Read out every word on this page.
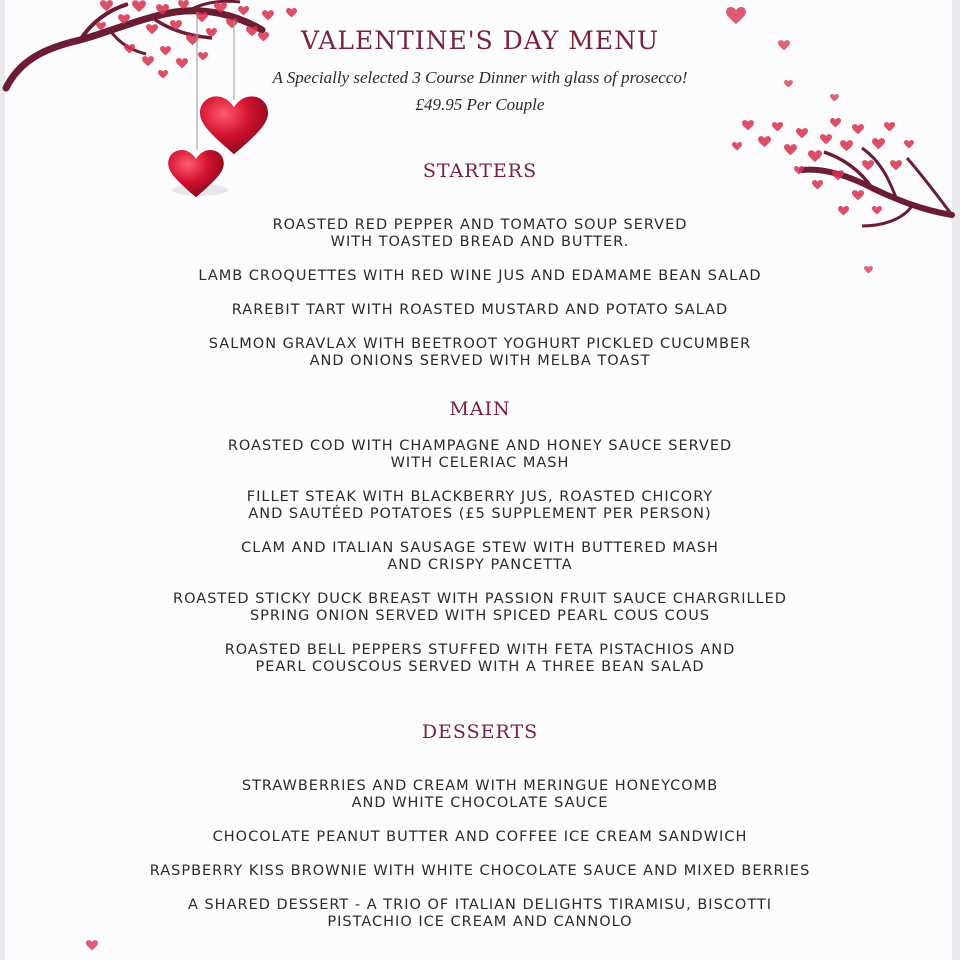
VALENTINE'S DAY MENU
A Specially selected 3 Course Dinner with glass of prosecco!
£49.95 Per Couple
STARTERS
ROASTED RED PEPPER AND TOMATO SOUP SERVED
WITH TOASTED BREAD AND BUTTER.
LAMB CROQUETTES WITH RED WINE JUS AND EDAMAME BEAN SALAD
RAREBIT TART WITH ROASTED MUSTARD AND POTATO SALAD
SALMON GRAVLAX WITH BEETROOT YOGHURT PICKLED CUCUMBER
AND ONIONS SERVED WITH MELBA TOAST
MAIN
ROASTED COD WITH CHAMPAGNE AND HONEY SAUCE SERVED
WITH CELERIAC MASH
FILLET STEAK WITH BLACKBERRY JUS, ROASTED CHICORY
AND SAUTÉED POTATOES (£5 SUPPLEMENT PER PERSON)
CLAM AND ITALIAN SAUSAGE STEW WITH BUTTERED MASH
AND CRISPY PANCETTA
ROASTED STICKY DUCK BREAST WITH PASSION FRUIT SAUCE CHARGRILLED
SPRING ONION SERVED WITH SPICED PEARL COUS COUS
ROASTED BELL PEPPERS STUFFED WITH FETA PISTACHIOS AND
PEARL COUSCOUS SERVED WITH A THREE BEAN SALAD
DESSERTS
STRAWBERRIES AND CREAM WITH MERINGUE HONEYCOMB
AND WHITE CHOCOLATE SAUCE
CHOCOLATE PEANUT BUTTER AND COFFEE ICE CREAM SANDWICH
RASPBERRY KISS BROWNIE WITH WHITE CHOCOLATE SAUCE AND MIXED BERRIES
A SHARED DESSERT - A TRIO OF ITALIAN DELIGHTS TIRAMISU, BISCOTTI
PISTACHIO ICE CREAM AND CANNOLO
